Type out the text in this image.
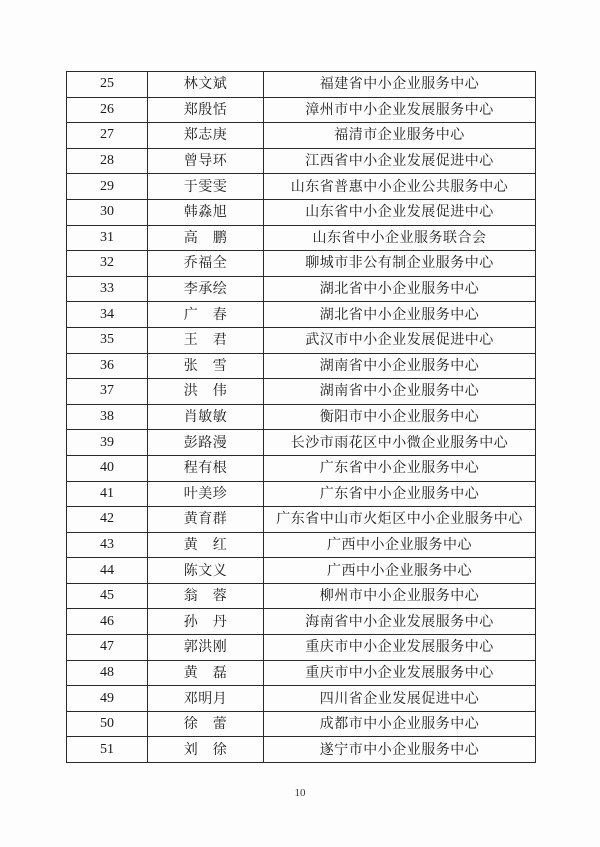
25	林文斌	福建省中小企业服务中心
26	郑殷恬	漳州市中小企业发展服务中心
27	郑志庚	福清市企业服务中心
28	曾导环	江西省中小企业发展促进中心
29	于雯雯	山东省普惠中小企业公共服务中心
30	韩淼旭	山东省中小企业发展促进中心
31	高　鹏	山东省中小企业服务联合会
32	乔福全	聊城市非公有制企业服务中心
33	李承绘	湖北省中小企业服务中心
34	广　春	湖北省中小企业服务中心
35	王　君	武汉市中小企业发展促进中心
36	张　雪	湖南省中小企业服务中心
37	洪　伟	湖南省中小企业服务中心
38	肖敏敏	衡阳市中小企业服务中心
39	彭路漫	长沙市雨花区中小微企业服务中心
40	程有根	广东省中小企业服务中心
41	叶美珍	广东省中小企业服务中心
42	黄育群	广东省中山市火炬区中小企业服务中心
43	黄　红	广西中小企业服务中心
44	陈文义	广西中小企业服务中心
45	翁　蓉	柳州市中小企业服务中心
46	孙　丹	海南省中小企业发展服务中心
47	郭洪刚	重庆市中小企业发展服务中心
48	黄　磊	重庆市中小企业发展服务中心
49	邓明月	四川省企业发展促进中心
50	徐　蕾	成都市中小企业服务中心
51	刘　徐	遂宁市中小企业服务中心
10
